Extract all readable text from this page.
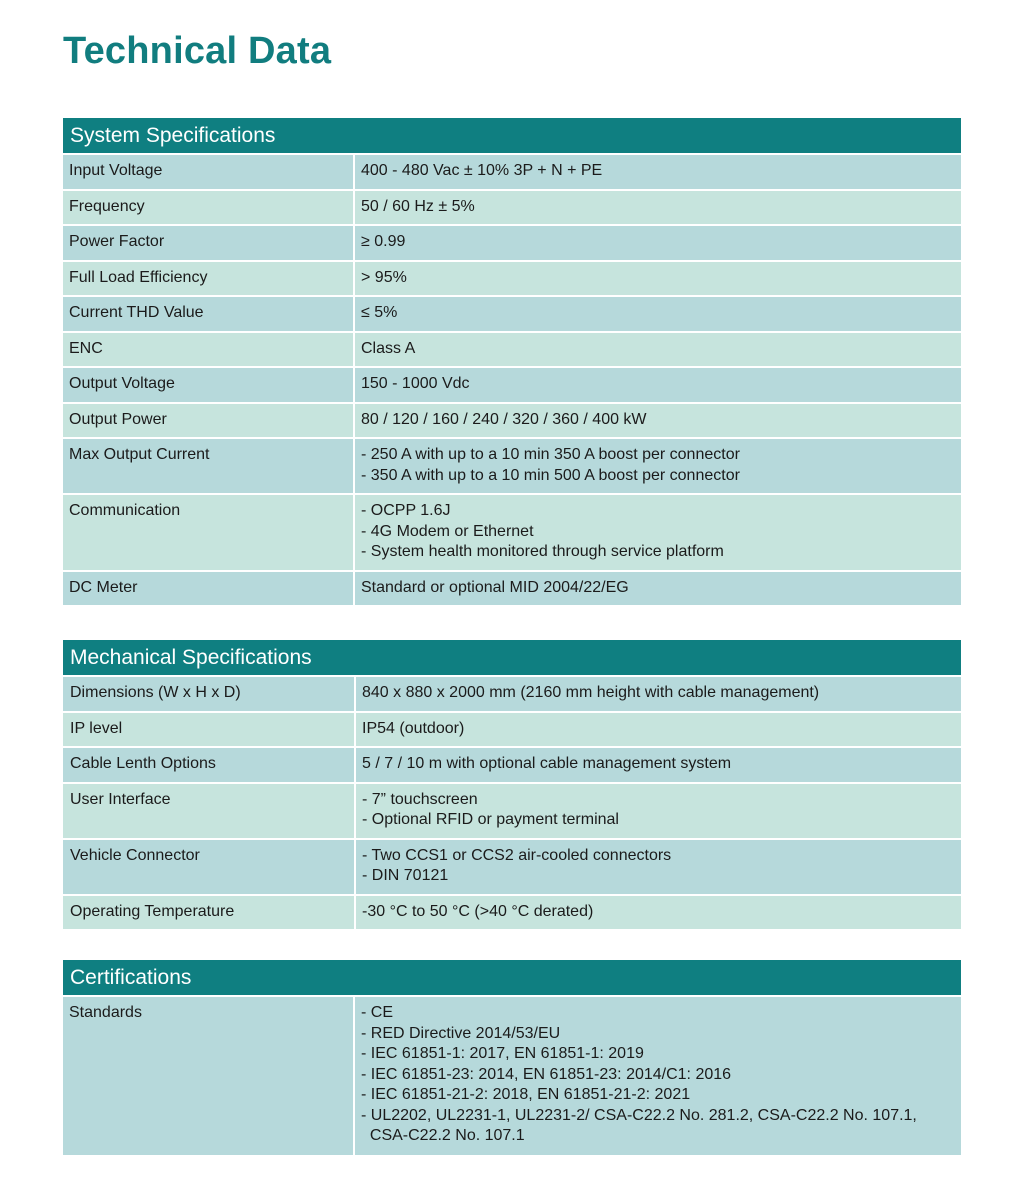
Technical Data
System Specifications
Input Voltage	400 - 480 Vac ± 10% 3P + N + PE

Frequency	50 / 60 Hz ± 5%

Power Factor	≥ 0.99

Full Load Efficiency	> 95%

Current THD Value	≤ 5%

ENC	Class A

Output Voltage	150 - 1000 Vdc

Output Power	80 / 120 / 160 / 240 / 320 / 360 / 400 kW

Max Output Current	- 250 A with up to a 10 min 350 A boost per connector
- 350 A with up to a 10 min 500 A boost per connector

Communication	- OCPP 1.6J
- 4G Modem or Ethernet
- System health monitored through service platform

DC Meter	Standard or optional MID 2004/22/EG
Mechanical Specifications
Dimensions (W x H x D)	840 x 880 x 2000 mm (2160 mm height with cable management)

IP level	IP54 (outdoor)

Cable Lenth Options	5 / 7 / 10 m with optional cable management system

User Interface	- 7” touchscreen
- Optional RFID or payment terminal

Vehicle Connector	- Two CCS1 or CCS2 air-cooled connectors
- DIN 70121

Operating Temperature	-30 °C to 50 °C (>40 °C derated)
Certifications
Standards	- CE
- RED Directive 2014/53/EU
- IEC 61851-1: 2017, EN 61851-1: 2019
- IEC 61851-23: 2014, EN 61851-23: 2014/C1: 2016
- IEC 61851-21-2: 2018, EN 61851-21-2: 2021
- UL2202, UL2231-1, UL2231-2/ CSA-C22.2 No. 281.2, CSA-C22.2 No. 107.1,
CSA-C22.2 No. 107.1
